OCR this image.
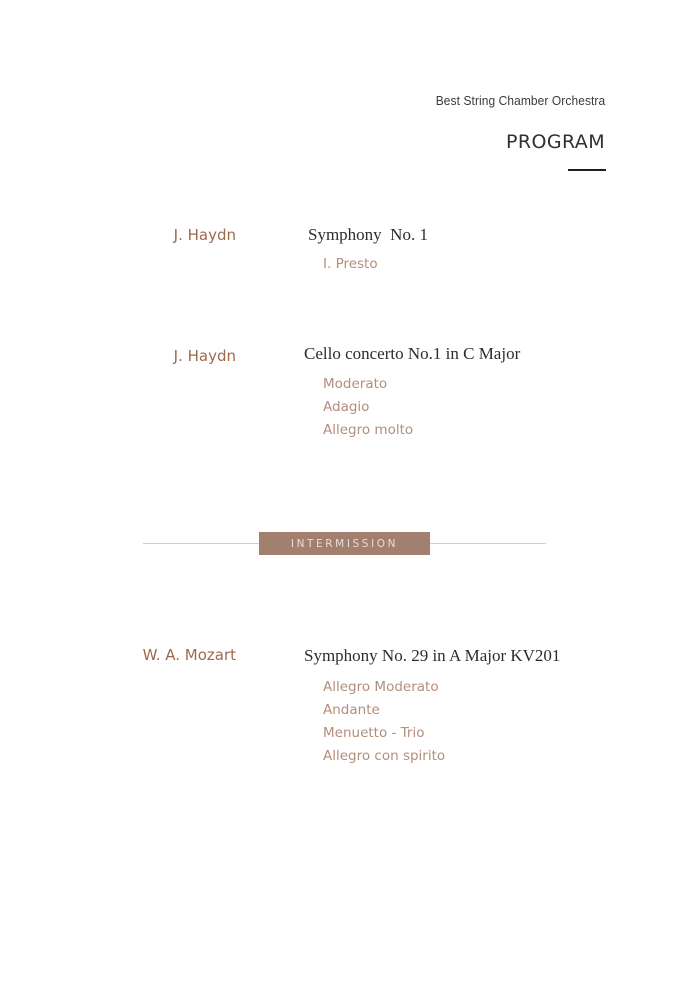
Best String Chamber Orchestra
PROGRAM
J. Haydn	Symphony  No. 1
I. Presto
J. Haydn	Cello concerto No.1 in C Major
Moderato
Adagio
Allegro molto
INTERMISSION
W. A. Mozart	Symphony No. 29 in A Major KV201
Allegro Moderato
Andante
Menuetto - Trio
Allegro con spirito
